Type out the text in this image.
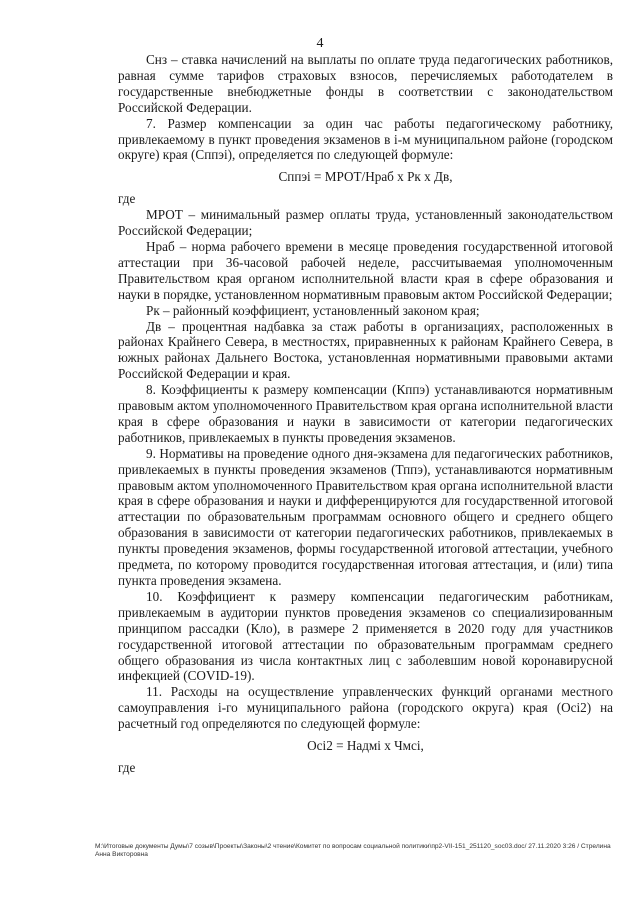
4

Снз – ставка начислений на выплаты по оплате труда педагогических работников, равная сумме тарифов страховых взносов, перечисляемых работодателем в государственные внебюджетные фонды в соответствии с законодательством Российской Федерации.

7. Размер компенсации за один час работы педагогическому работнику, привлекаемому в пункт проведения экзаменов в i-м муниципальном районе (городском округе) края (Сппэi), определяется по следующей формуле:

Сппэi = МРОТ/Нраб х Рк х Дв,

где

МРОТ – минимальный размер оплаты труда, установленный законодательством Российской Федерации;

Нраб – норма рабочего времени в месяце проведения государственной итоговой аттестации при 36-часовой рабочей неделе, рассчитываемая уполномоченным Правительством края органом исполнительной власти края в сфере образования и науки в порядке, установленном нормативным правовым актом Российской Федерации;

Рк – районный коэффициент, установленный законом края;

Дв – процентная надбавка за стаж работы в организациях, расположенных в районах Крайнего Севера, в местностях, приравненных к районам Крайнего Севера, в южных районах Дальнего Востока, установленная нормативными правовыми актами Российской Федерации и края.

8. Коэффициенты к размеру компенсации (Кппэ) устанавливаются нормативным правовым актом уполномоченного Правительством края органа исполнительной власти края в сфере образования и науки в зависимости от категории педагогических работников, привлекаемых в пункты проведения экзаменов.

9. Нормативы на проведение одного дня-экзамена для педагогических работников, привлекаемых в пункты проведения экзаменов (Тппэ), устанавливаются нормативным правовым актом уполномоченного Правительством края органа исполнительной власти края в сфере образования и науки и дифференцируются для государственной итоговой аттестации по образовательным программам основного общего и среднего общего образования в зависимости от категории педагогических работников, привлекаемых в пункты проведения экзаменов, формы государственной итоговой аттестации, учебного предмета, по которому проводится государственная итоговая аттестация, и (или) типа пункта проведения экзамена.

10. Коэффициент к размеру компенсации педагогическим работникам, привлекаемым в аудитории пунктов проведения экзаменов со специализированным принципом рассадки (Кло), в размере 2 применяется в 2020 году для участников государственной итоговой аттестации по образовательным программам среднего общего образования из числа контактных лиц с заболевшим новой коронавирусной инфекцией (COVID-19).

11. Расходы на осуществление управленческих функций органами местного самоуправления i-го муниципального района (городского округа) края (Осi2) на расчетный год определяются по следующей формуле:

Осi2 = Надмi х Чмсi,

где

M:\Итоговые документы Думы\7 созыв\Проекты\Законы\2 чтение\Комитет по вопросам социальной политики\пр2-VII-151_251120_soc03.doc/ 27.11.2020 3:26 / Стрелина Анна Викторовна
